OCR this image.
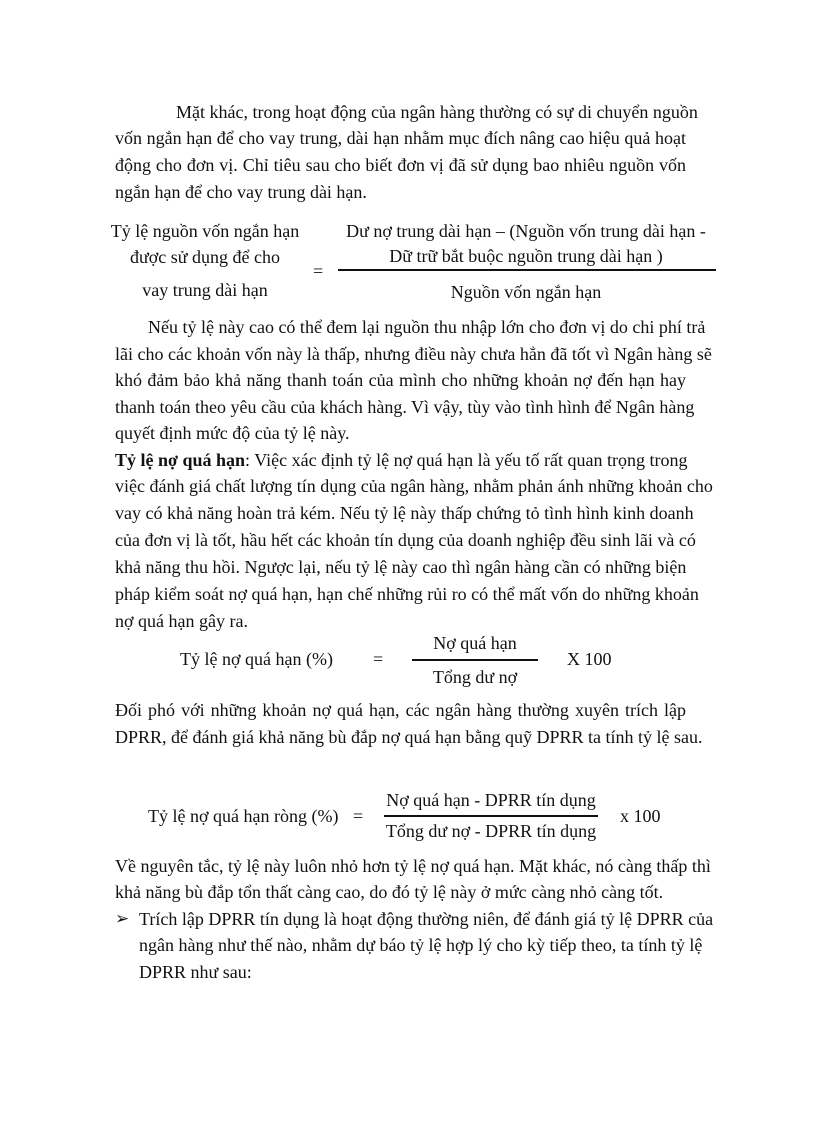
Mặt khác, trong hoạt động của ngân hàng thường có sự di chuyển nguồn
vốn ngắn hạn để cho vay trung, dài hạn nhằm mục đích nâng cao hiệu quả hoạt
động cho đơn vị. Chỉ tiêu sau cho biết đơn vị đã sử dụng bao nhiêu nguồn vốn
ngắn hạn để cho vay trung dài hạn.
Tỷ lệ nguồn vốn ngắn hạn
được sử dụng để cho
vay trung dài hạn
=
Dư nợ trung dài hạn – (Nguồn vốn trung dài hạn -
Dữ trữ bắt buộc nguồn trung dài hạn )
Nguồn vốn ngắn hạn
Nếu tỷ lệ này cao có thể đem lại nguồn thu nhập lớn cho đơn vị do chi phí trả
lãi cho các khoản vốn này là thấp, nhưng điều này chưa hẳn đã tốt vì Ngân hàng sẽ
khó đảm bảo khả năng thanh toán của mình cho những khoản nợ đến hạn hay
thanh toán theo yêu cầu của khách hàng. Vì vậy, tùy vào tình hình để Ngân hàng
quyết định mức độ của tỷ lệ này.
Tỷ lệ nợ quá hạn: Việc xác định tỷ lệ nợ quá hạn là yếu tố rất quan trọng trong
việc đánh giá chất lượng tín dụng của ngân hàng, nhằm phản ánh những khoản cho
vay có khả năng hoàn trả kém. Nếu tỷ lệ này thấp chứng tỏ tình hình kinh doanh
của đơn vị là tốt, hầu hết các khoản tín dụng của doanh nghiệp đều sinh lãi và có
khả năng thu hồi. Ngược lại, nếu tỷ lệ này cao thì ngân hàng cần có những biện
pháp kiểm soát nợ quá hạn, hạn chế những rủi ro có thể mất vốn do những khoản
nợ quá hạn gây ra.
Tỷ lệ nợ quá hạn (%) =
Nợ quá hạn
Tổng dư nợ
X 100
Đối phó với những khoản nợ quá hạn, các ngân hàng thường xuyên trích lập
DPRR, để đánh giá khả năng bù đắp nợ quá hạn bằng quỹ DPRR ta tính tỷ lệ sau.
Tỷ lệ nợ quá hạn ròng (%) =
Nợ quá hạn - DPRR tín dụng
Tổng dư nợ - DPRR tín dụng
x 100
Về nguyên tắc, tỷ lệ này luôn nhỏ hơn tỷ lệ nợ quá hạn. Mặt khác, nó càng thấp thì
khả năng bù đắp tổn thất càng cao, do đó tỷ lệ này ở mức càng nhỏ càng tốt.
➢ Trích lập DPRR tín dụng là hoạt động thường niên, để đánh giá tỷ lệ DPRR của
ngân hàng như thế nào, nhằm dự báo tỷ lệ hợp lý cho kỳ tiếp theo, ta tính tỷ lệ
DPRR như sau:
